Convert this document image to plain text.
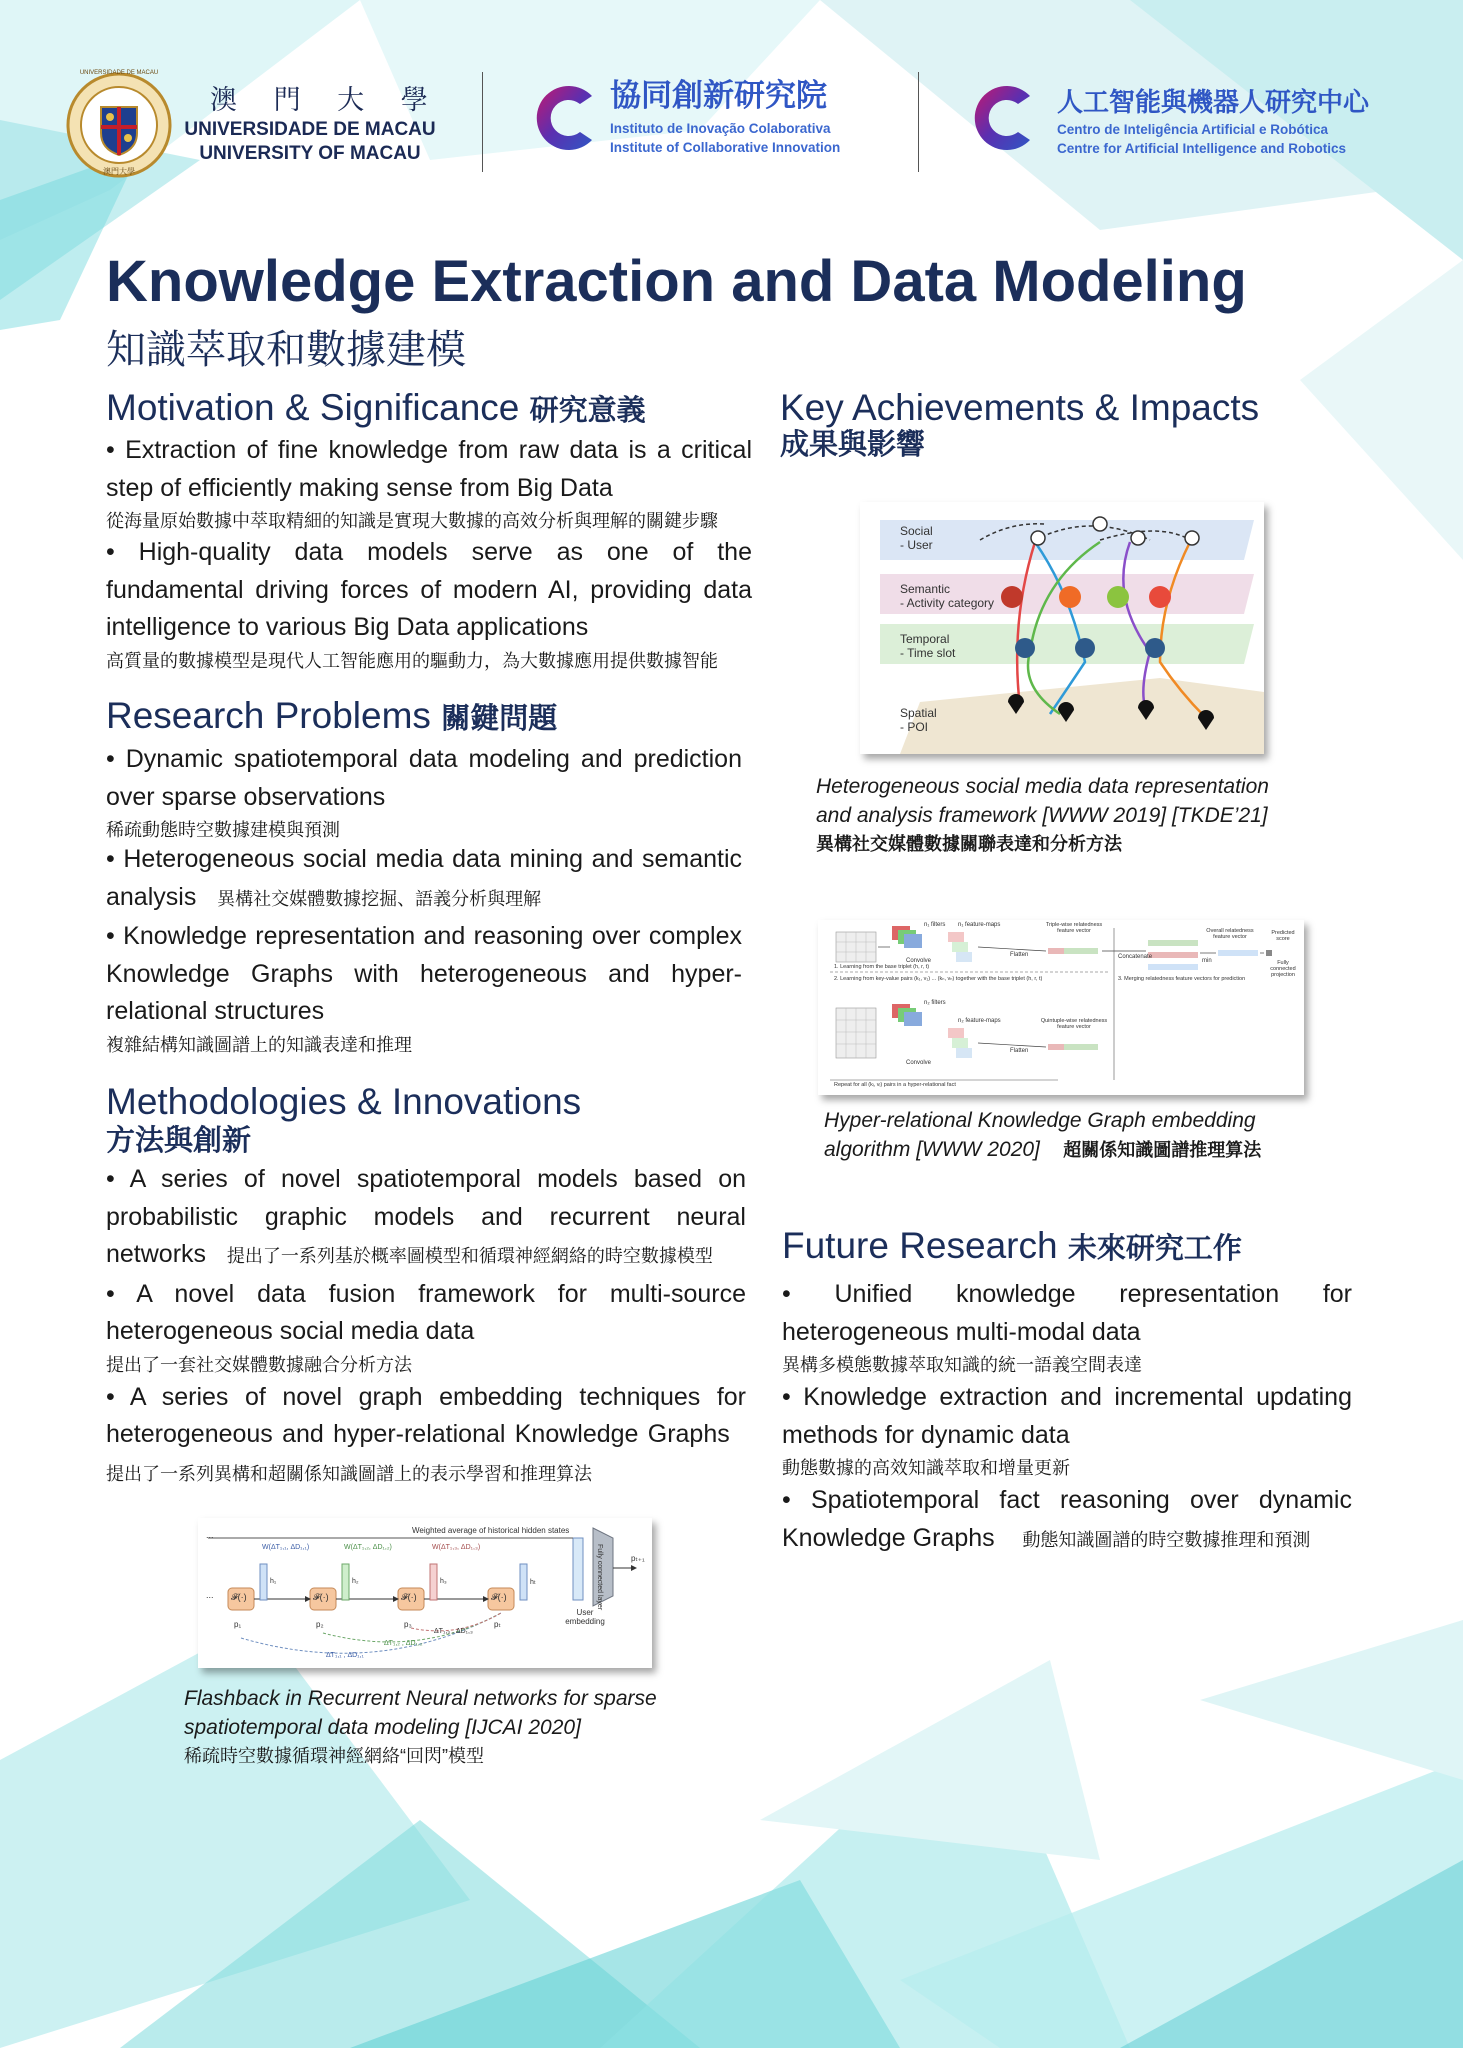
UNIVERSIDADE DE MACAU
澳門大學
澳 門 大 學
UNIVERSIDADE DE MACAU
UNIVERSITY OF MACAU
協同創新研究院
Instituto de Inovação Colaborativa
Institute of Collaborative Innovation
人工智能與機器人研究中心
Centro de Inteligência Artificial e Robótica
Centre for Artificial Intelligence and Robotics
Knowledge Extraction and Data Modeling
知識萃取和數據建模
Motivation & Significance 研究意義
• Extraction of fine knowledge from raw data is a critical step of efficiently making sense from Big Data
從海量原始數據中萃取精細的知識是實現大數據的高效分析與理解的關鍵步驟
• High-quality data models serve as one of the fundamental driving forces of modern AI, providing data intelligence to various Big Data applications
高質量的數據模型是現代人工智能應用的驅動力，為大數據應用提供數據智能
Research Problems 關鍵問題
• Dynamic spatiotemporal data modeling and prediction over sparse observations
稀疏動態時空數據建模與預測
• Heterogeneous social media data mining and semantic analysis 異構社交媒體數據挖掘、語義分析與理解
• Knowledge representation and reasoning over complex Knowledge Graphs with heterogeneous and hyper-relational structures
複雜結構知識圖譜上的知識表達和推理
Methodologies & Innovations
方法與創新
• A series of novel spatiotemporal models based on probabilistic graphic models and recurrent neural networks 提出了一系列基於概率圖模型和循環神經網絡的時空數據模型
• A novel data fusion framework for multi-source heterogeneous social media data
提出了一套社交媒體數據融合分析方法
• A series of novel graph embedding techniques for heterogeneous and hyper-relational Knowledge Graphs   提出了一系列異構和超關係知識圖譜上的表示學習和推理算法
Weighted average of historical hidden states
Fully connected layer
User embedding
pₜ₊₁
𝓕(·)	𝓕(·)	𝓕(·)	𝓕(·)
W(ΔT₁,₁, ΔD₁,₁)	W(ΔT₁,₂, ΔD₁,₂)	W(ΔT₁,₃, ΔD₁,₃)
h₁	h₂	h₃	hₜ
p₁	p₂	p₃	pₜ
...
...
ΔT₁,₃ , ΔD₁,₃
ΔT₁,₂ , ΔD₁,₂
ΔT₁,₁ , ΔD₁,₁
Flashback in Recurrent Neural networks for sparse
spatiotemporal data modeling [IJCAI 2020]
稀疏時空數據循環神經網絡“回閃”模型
Key Achievements & Impacts
成果與影響
Social
- User
Semantic
- Activity category
Temporal
- Time slot
Spatial
- POI
Heterogeneous social media data representation
and analysis framework [WWW 2019] [TKDE’21]
異構社交媒體數據關聯表達和分析方法
n₁ filters n₁ feature-maps	Triple-wise relatedness feature vector	Overall relatedness feature vector
Predicted score
Convolve
Flatten	Concatenate
min	Fully connected projection
1. Learning from the base triplet (h, r, t)
2. Learning from key-value pairs (k₁, v₁) ... (kₙ, vₙ) together with the base triplet (h, r, t)	3. Merging relatedness feature vectors for prediction
n₂ filters
n₂ feature-maps	Quintuple-wise relatedness feature vector
Convolve
Flatten
Repeat for all (kᵢ, vᵢ) pairs in a hyper-relational fact
Hyper-relational Knowledge Graph embedding
algorithm [WWW 2020] 超關係知識圖譜推理算法
Future Research 未來研究工作
• Unified knowledge representation for heterogeneous multi-modal data
異構多模態數據萃取知識的統一語義空間表達
• Knowledge extraction and incremental updating methods for dynamic data
動態數據的高效知識萃取和增量更新
• Spatiotemporal fact reasoning over dynamic Knowledge Graphs 動態知識圖譜的時空數據推理和預測
